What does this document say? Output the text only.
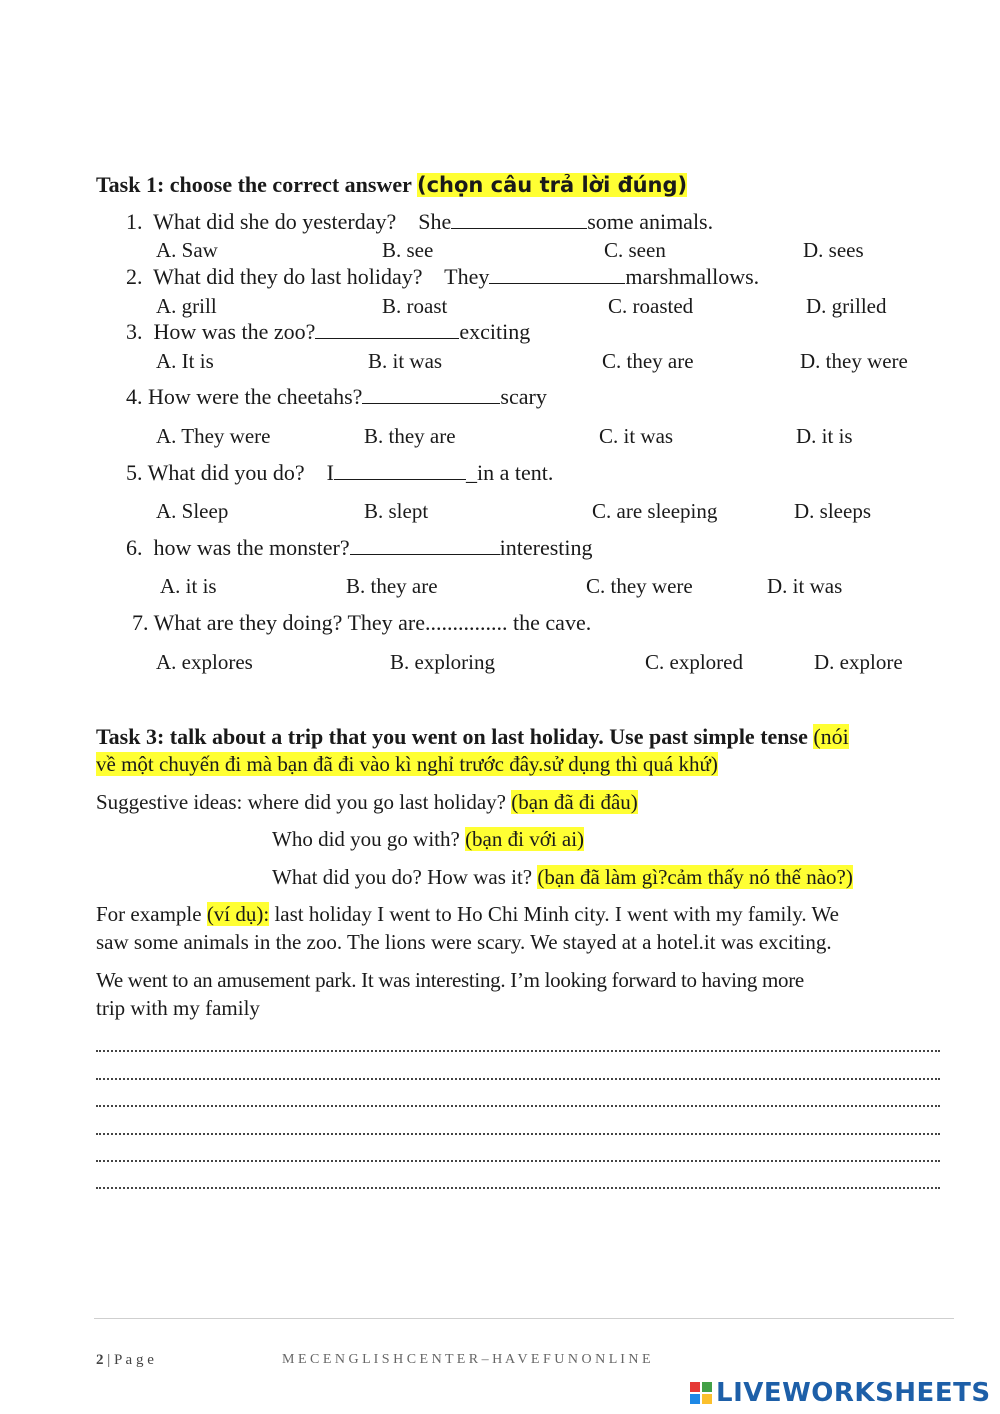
Task 1: choose the correct answer (chọn câu trả lời đúng)
1. What did she do yesterday?    She	some animals.
A. Saw	B. see	C. seen	D. sees
2. What did they do last holiday?    They	marshmallows.
A. grill	B. roast	C. roasted	D. grilled
3. How was the zoo?	exciting
A. It is	B. it was	C. they are	D. they were
4. How were the cheetahs?	scary
A. They were	B. they are	C. it was	D. it is
5. What did you do?    I	_in a tent.
A. Sleep	B. slept	C. are sleeping	D. sleeps
6. how was the monster?	interesting
A. it is	B. they are	C. they were	D. it was
7. What are they doing? They are............... the cave.
A. explores	B. exploring	C. explored	D. explore
Task 3: talk about a trip that you went on last holiday. Use past simple tense (nói
về một chuyến đi mà bạn đã đi vào kì nghỉ trước đây.sử dụng thì quá khứ)
Suggestive ideas: where did you go last holiday? (bạn đã đi đâu)
Who did you go with? (bạn đi với ai)
What did you do? How was it? (bạn đã làm gì?cảm thấy nó thế nào?)
For example (ví dụ): last holiday I went to Ho Chi Minh city. I went with my family. We
saw some animals in the zoo. The lions were scary. We stayed at a hotel.it was exciting.
We went to an amusement park. It was interesting. I’m looking forward to having more
trip with my family
2 | P a g e	M E C E N G L I S H C E N T E R – H A V E F U N O N L I N E
LIVEWORKSHEETS
